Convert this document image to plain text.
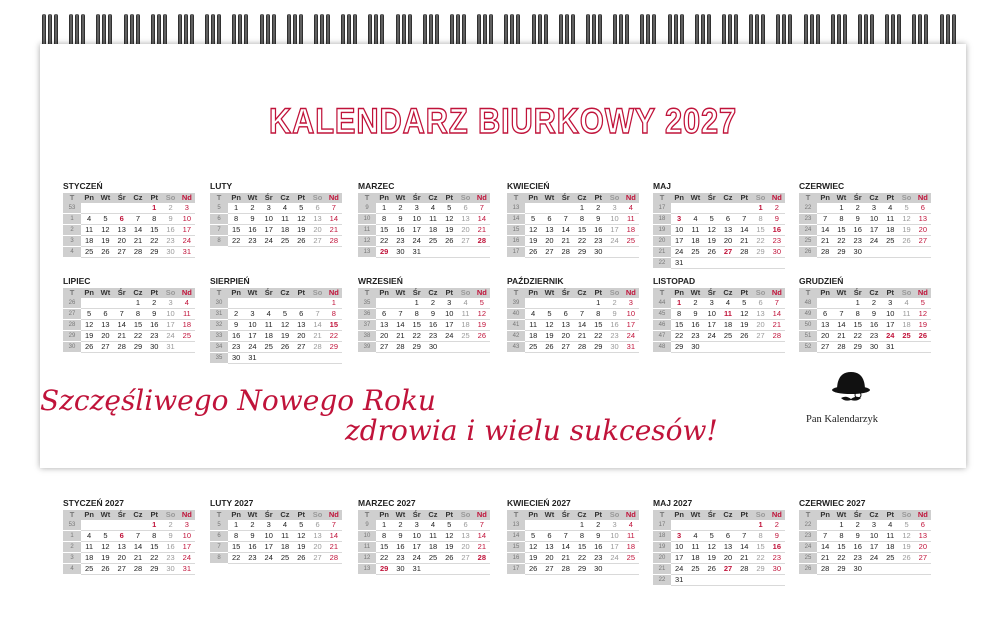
KALENDARZ BIURKOWY 2027
Szczęśliwego Nowego Roku
zdrowia i wielu sukcesów!	Pan Kalendarzyk
STYCZEŃ
T	Pn	Wt	Śr	Cz	Pt	So	Nd
53					1	2	3
1	4	5	6	7	8	9	10
2	11	12	13	14	15	16	17
3	18	19	20	21	22	23	24
4	25	26	27	28	29	30	31
LUTY
T	Pn	Wt	Śr	Cz	Pt	So	Nd
5	1	2	3	4	5	6	7
6	8	9	10	11	12	13	14
7	15	16	17	18	19	20	21
8	22	23	24	25	26	27	28
MARZEC
T	Pn	Wt	Śr	Cz	Pt	So	Nd
9	1	2	3	4	5	6	7
10	8	9	10	11	12	13	14
11	15	16	17	18	19	20	21
12	22	23	24	25	26	27	28
13	29	30	31				
KWIECIEŃ
T	Pn	Wt	Śr	Cz	Pt	So	Nd
13				1	2	3	4
14	5	6	7	8	9	10	11
15	12	13	14	15	16	17	18
16	19	20	21	22	23	24	25
17	26	27	28	29	30		
MAJ
T	Pn	Wt	Śr	Cz	Pt	So	Nd
17						1	2
18	3	4	5	6	7	8	9
19	10	11	12	13	14	15	16
20	17	18	19	20	21	22	23
21	24	25	26	27	28	29	30
22	31						
CZERWIEC
T	Pn	Wt	Śr	Cz	Pt	So	Nd
22		1	2	3	4	5	6
23	7	8	9	10	11	12	13
24	14	15	16	17	18	19	20
25	21	22	23	24	25	26	27
26	28	29	30				
LIPIEC
T	Pn	Wt	Śr	Cz	Pt	So	Nd
26				1	2	3	4
27	5	6	7	8	9	10	11
28	12	13	14	15	16	17	18
29	19	20	21	22	23	24	25
30	26	27	28	29	30	31	
SIERPIEŃ
T	Pn	Wt	Śr	Cz	Pt	So	Nd
30							1
31	2	3	4	5	6	7	8
32	9	10	11	12	13	14	15
33	16	17	18	19	20	21	22
34	23	24	25	26	27	28	29
35	30	31					
WRZESIEŃ
T	Pn	Wt	Śr	Cz	Pt	So	Nd
35			1	2	3	4	5
36	6	7	8	9	10	11	12
37	13	14	15	16	17	18	19
38	20	21	22	23	24	25	26
39	27	28	29	30			
PAŹDZIERNIK
T	Pn	Wt	Śr	Cz	Pt	So	Nd
39					1	2	3
40	4	5	6	7	8	9	10
41	11	12	13	14	15	16	17
42	18	19	20	21	22	23	24
43	25	26	27	28	29	30	31
LISTOPAD
T	Pn	Wt	Śr	Cz	Pt	So	Nd
44	1	2	3	4	5	6	7
45	8	9	10	11	12	13	14
46	15	16	17	18	19	20	21
47	22	23	24	25	26	27	28
48	29	30					
GRUDZIEŃ
T	Pn	Wt	Śr	Cz	Pt	So	Nd
48			1	2	3	4	5
49	6	7	8	9	10	11	12
50	13	14	15	16	17	18	19
51	20	21	22	23	24	25	26
52	27	28	29	30	31		
STYCZEŃ 2027
T	Pn	Wt	Śr	Cz	Pt	So	Nd
53					1	2	3
1	4	5	6	7	8	9	10
2	11	12	13	14	15	16	17
3	18	19	20	21	22	23	24
4	25	26	27	28	29	30	31
LUTY 2027
T	Pn	Wt	Śr	Cz	Pt	So	Nd
5	1	2	3	4	5	6	7
6	8	9	10	11	12	13	14
7	15	16	17	18	19	20	21
8	22	23	24	25	26	27	28
MARZEC 2027
T	Pn	Wt	Śr	Cz	Pt	So	Nd
9	1	2	3	4	5	6	7
10	8	9	10	11	12	13	14
11	15	16	17	18	19	20	21
12	22	23	24	25	26	27	28
13	29	30	31				
KWIECIEŃ 2027
T	Pn	Wt	Śr	Cz	Pt	So	Nd
13				1	2	3	4
14	5	6	7	8	9	10	11
15	12	13	14	15	16	17	18
16	19	20	21	22	23	24	25
17	26	27	28	29	30		
MAJ 2027
T	Pn	Wt	Śr	Cz	Pt	So	Nd
17						1	2
18	3	4	5	6	7	8	9
19	10	11	12	13	14	15	16
20	17	18	19	20	21	22	23
21	24	25	26	27	28	29	30
22	31						
CZERWIEC 2027
T	Pn	Wt	Śr	Cz	Pt	So	Nd
22		1	2	3	4	5	6
23	7	8	9	10	11	12	13
24	14	15	16	17	18	19	20
25	21	22	23	24	25	26	27
26	28	29	30				
